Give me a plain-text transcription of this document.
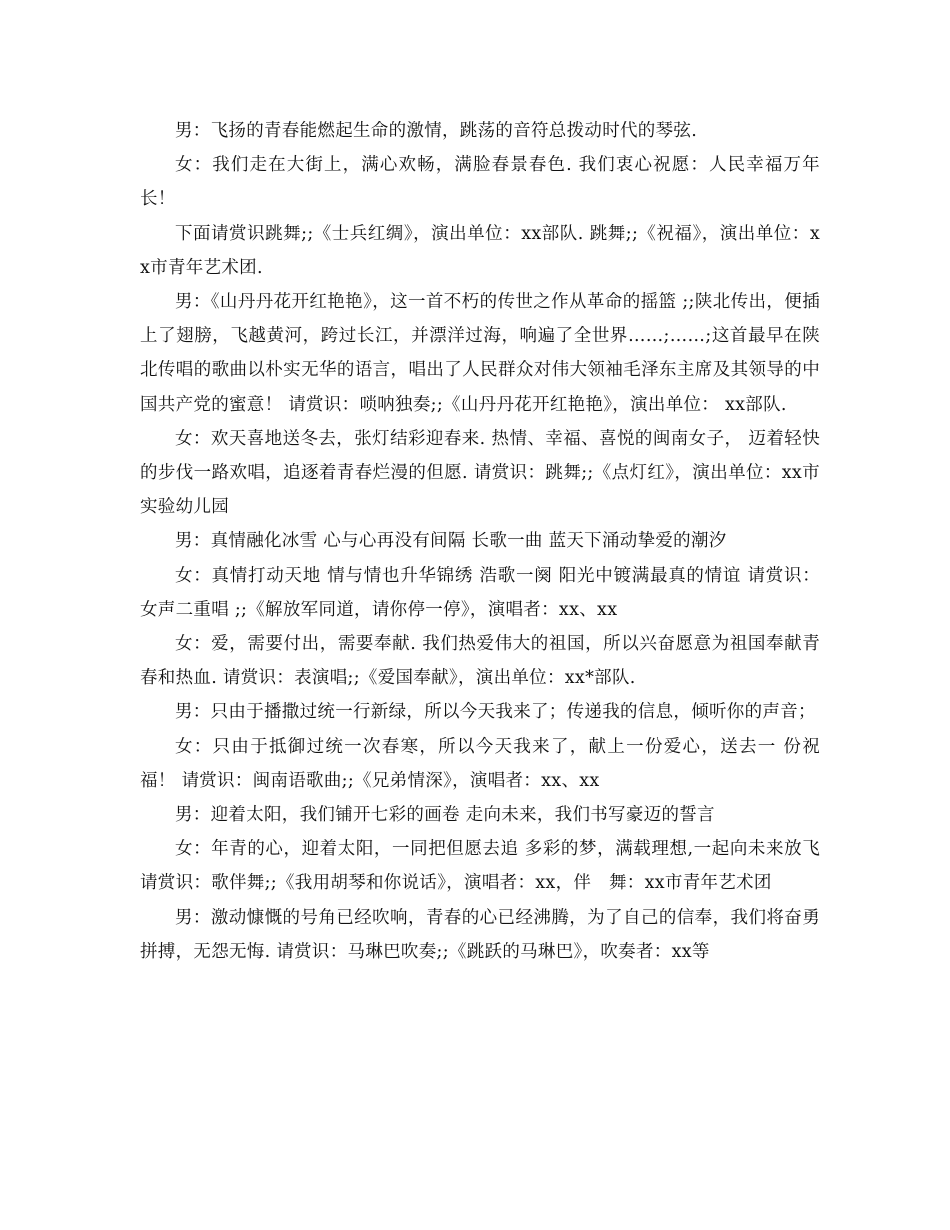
男：飞扬的青春能燃起生命的激情，跳荡的音符总拨动时代的琴弦.

女：我们走在大街上，满心欢畅，满脸春景春色. 我们衷心祝愿：人民幸福万年长！

下面请赏识跳舞;;《士兵红绸》，演出单位：xx部队. 跳舞;;《祝福》，演出单位：xx市青年艺术团.

男：《山丹丹花开红艳艳》，这一首不朽的传世之作从革命的摇篮 ;;陕北传出，便插上了翅膀，飞越黄河，跨过长江，并漂洋过海，响遍了全世界……;……;这首最早在陕北传唱的歌曲以朴实无华的语言，唱出了人民群众对伟大领袖毛泽东主席及其领导的中国共产党的蜜意！ 请赏识：唢呐独奏;;《山丹丹花开红艳艳》，演出单位： xx部队.

女：欢天喜地送冬去，张灯结彩迎春来. 热情、幸福、喜悦的闽南女子， 迈着轻快的步伐一路欢唱，追逐着青春烂漫的但愿. 请赏识：跳舞;;《点灯红》，演出单位：xx市实验幼儿园

男：真情融化冰雪 心与心再没有间隔 长歌一曲 蓝天下涌动挚爱的潮汐

女：真情打动天地 情与情也升华锦绣 浩歌一阕 阳光中镀满最真的情谊 请赏识：女声二重唱 ;;《解放军同道，请你停一停》，演唱者：xx、xx

女：爱，需要付出，需要奉献. 我们热爱伟大的祖国，所以兴奋愿意为祖国奉献青春和热血. 请赏识：表演唱;;《爱国奉献》，演出单位：xx*部队.

男：只由于播撒过统一行新绿，所以今天我来了；传递我的信息，倾听你的声音；

女：只由于抵御过统一次春寒，所以今天我来了，献上一份爱心，送去一 份祝福！ 请赏识：闽南语歌曲;;《兄弟情深》，演唱者：xx、xx

男：迎着太阳，我们铺开七彩的画卷 走向未来，我们书写豪迈的誓言

女：年青的心，迎着太阳，一同把但愿去追 多彩的梦，满载理想,一起向未来放飞 请赏识：歌伴舞;;《我用胡琴和你说话》，演唱者：xx，伴　舞：xx市青年艺术团

男：激动慷慨的号角已经吹响，青春的心已经沸腾，为了自己的信奉，我们将奋勇拼搏，无怨无悔. 请赏识：马琳巴吹奏;;《跳跃的马琳巴》，吹奏者：xx等
